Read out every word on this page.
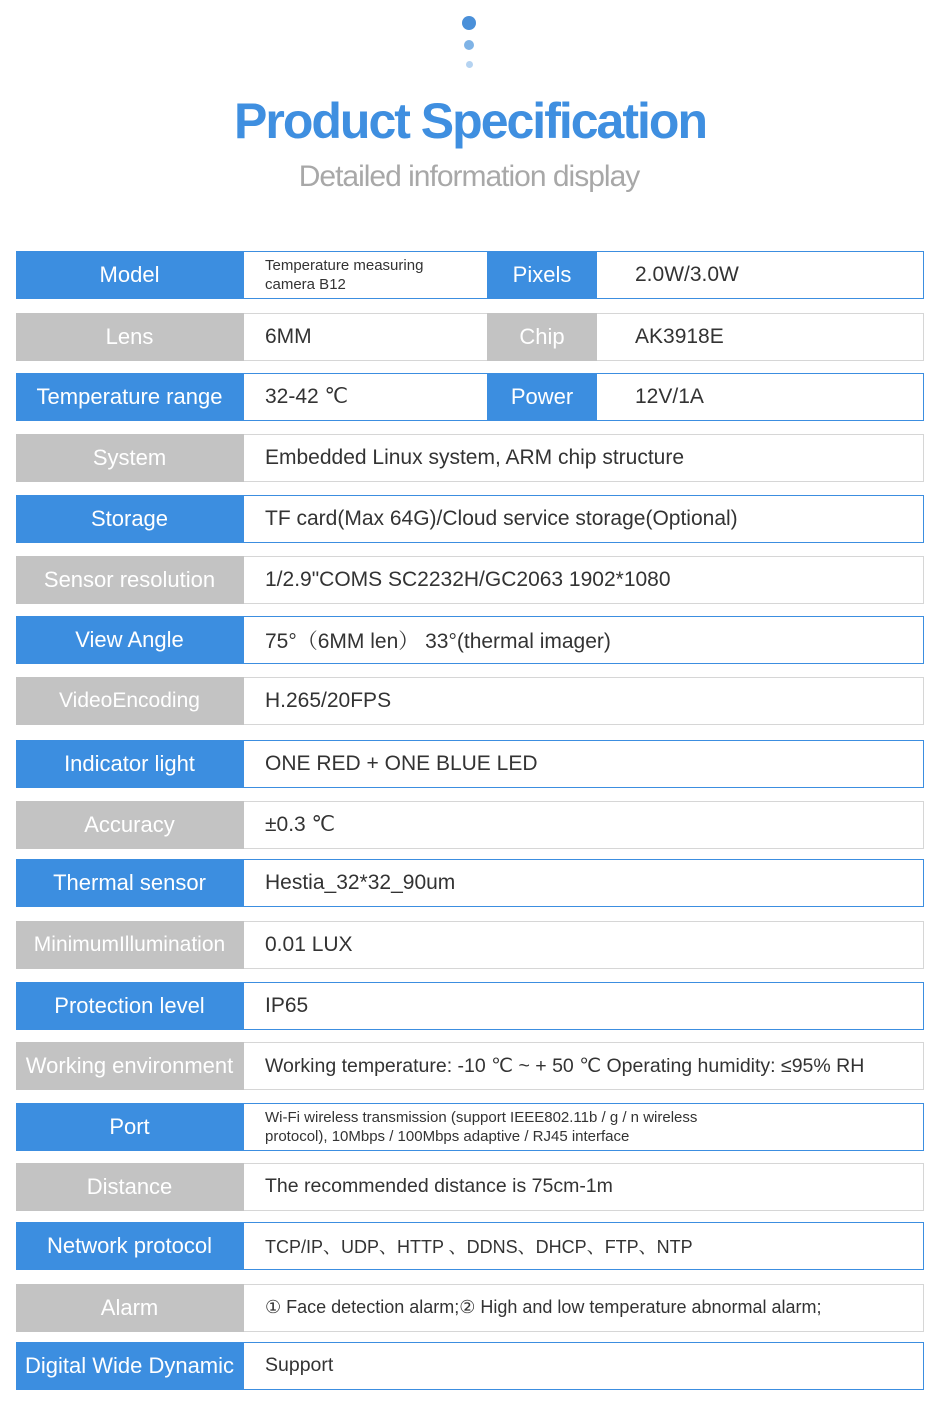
Product Specification
Detailed information display
Model	Temperature measuring camera B12	Pixels	2.0W/3.0W
Lens	6MM	Chip	AK3918E
Temperature range	32-42 ℃	Power	12V/1A
System	Embedded Linux system, ARM chip structure
Storage	TF card(Max 64G)/Cloud service storage(Optional)
Sensor resolution	1/2.9"COMS SC2232H/GC2063 1902*1080
View Angle	75°（6MM len） 33°(thermal imager)
Video Encoding	H.265/20FPS
Indicator light	ONE RED + ONE BLUE LED
Accuracy	±0.3 ℃
Thermal sensor	Hestia_32*32_90um
Minimum Illumination 0.01 LUX
Protection level	IP65
Working environment	Working temperature: -10 ℃ ~ + 50 ℃ Operating humidity: ≤95% RH
Port	Wi-Fi wireless transmission (support IEEE802.11b / g / n wireless protocol), 10Mbps / 100Mbps adaptive / RJ45 interface
Distance	The recommended distance is 75cm-1m
Network protocol	TCP/IP、UDP、HTTP 、DDNS、DHCP、FTP、NTP
Alarm	① Face detection alarm;② High and low temperature abnormal alarm;
Digital Wide Dynamic	Support
